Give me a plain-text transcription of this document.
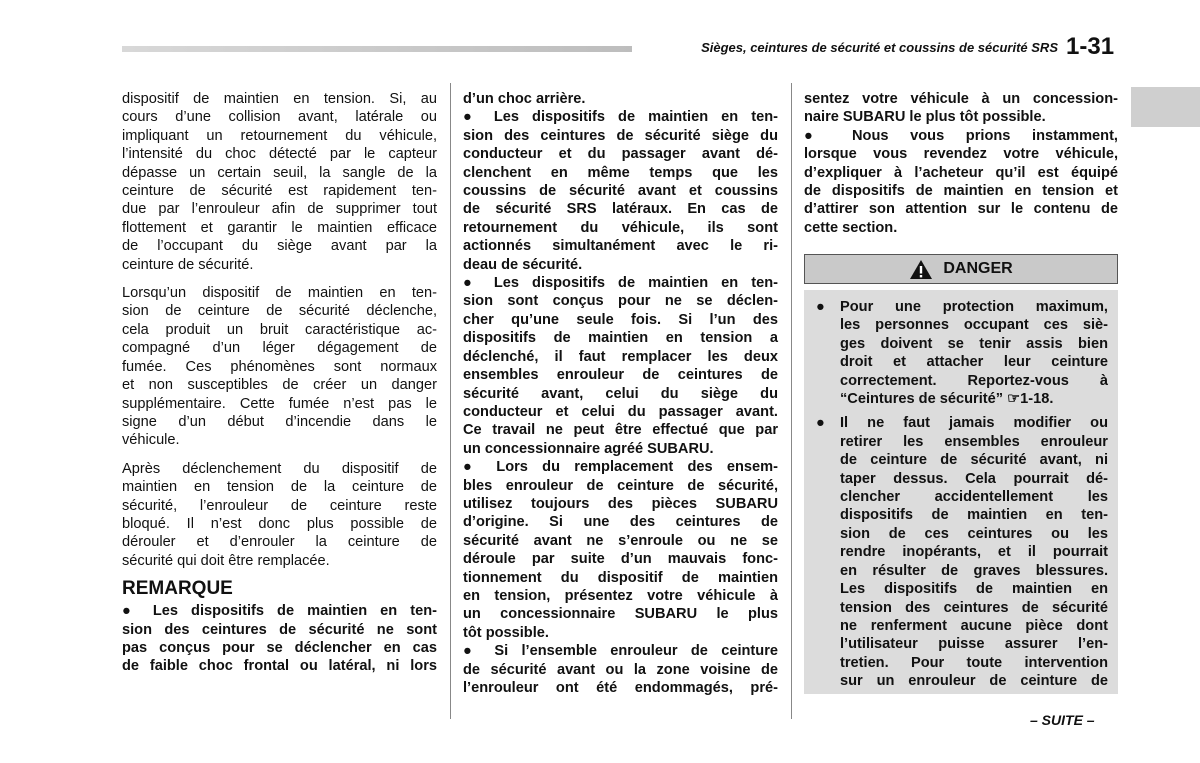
Sièges, ceintures de sécurité et coussins de sécurité SRS 1-31
dispositif de maintien en tension. Si, au
cours d’une collision avant, latérale ou
impliquant un retournement du véhicule,
l’intensité du choc détecté par le capteur
dépasse un certain seuil, la sangle de la
ceinture de sécurité est rapidement ten-
due par l’enrouleur afin de supprimer tout
flottement et garantir le maintien efficace
de l’occupant du siège avant par la
ceinture de sécurité.
Lorsqu’un dispositif de maintien en ten-
sion de ceinture de sécurité déclenche,
cela produit un bruit caractéristique ac-
compagné d’un léger dégagement de
fumée. Ces phénomènes sont normaux
et non susceptibles de créer un danger
supplémentaire. Cette fumée n’est pas le
signe d’un début d’incendie dans le
véhicule.
Après déclenchement du dispositif de
maintien en tension de la ceinture de
sécurité, l’enrouleur de ceinture reste
bloqué. Il n’est donc plus possible de
dérouler et d’enrouler la ceinture de
sécurité qui doit être remplacée.
REMARQUE
● Les dispositifs de maintien en ten-
sion des ceintures de sécurité ne sont
pas conçus pour se déclencher en cas
de faible choc frontal ou latéral, ni lors
d’un choc arrière.
● Les dispositifs de maintien en ten-
sion des ceintures de sécurité siège du
conducteur et du passager avant dé-
clenchent en même temps que les
coussins de sécurité avant et coussins
de sécurité SRS latéraux. En cas de
retournement du véhicule, ils sont
actionnés simultanément avec le ri-
deau de sécurité.
● Les dispositifs de maintien en ten-
sion sont conçus pour ne se déclen-
cher qu’une seule fois. Si l’un des
dispositifs de maintien en tension a
déclenché, il faut remplacer les deux
ensembles enrouleur de ceintures de
sécurité avant, celui du siège du
conducteur et celui du passager avant.
Ce travail ne peut être effectué que par
un concessionnaire agréé SUBARU.
● Lors du remplacement des ensem-
bles enrouleur de ceinture de sécurité,
utilisez toujours des pièces SUBARU
d’origine. Si une des ceintures de
sécurité avant ne s’enroule ou ne se
déroule par suite d’un mauvais fonc-
tionnement du dispositif de maintien
en tension, présentez votre véhicule à
un concessionnaire SUBARU le plus
tôt possible.
● Si l’ensemble enrouleur de ceinture
de sécurité avant ou la zone voisine de
l’enrouleur ont été endommagés, pré-
sentez votre véhicule à un concession-
naire SUBARU le plus tôt possible.
● Nous vous prions instamment,
lorsque vous revendez votre véhicule,
d’expliquer à l’acheteur qu’il est équipé
de dispositifs de maintien en tension et
d’attirer son attention sur le contenu de
cette section.
DANGER
● Pour une protection maximum,
les personnes occupant ces siè-
ges doivent se tenir assis bien
droit et attacher leur ceinture
correctement. Reportez-vous à
“Ceintures de sécurité” ☞1-18.
● Il ne faut jamais modifier ou
retirer les ensembles enrouleur
de ceinture de sécurité avant, ni
taper dessus. Cela pourrait dé-
clencher accidentellement les
dispositifs de maintien en ten-
sion de ces ceintures ou les
rendre inopérants, et il pourrait
en résulter de graves blessures.
Les dispositifs de maintien en
tension des ceintures de sécurité
ne renferment aucune pièce dont
l’utilisateur puisse assurer l’en-
tretien. Pour toute intervention
sur un enrouleur de ceinture de
– SUITE –
